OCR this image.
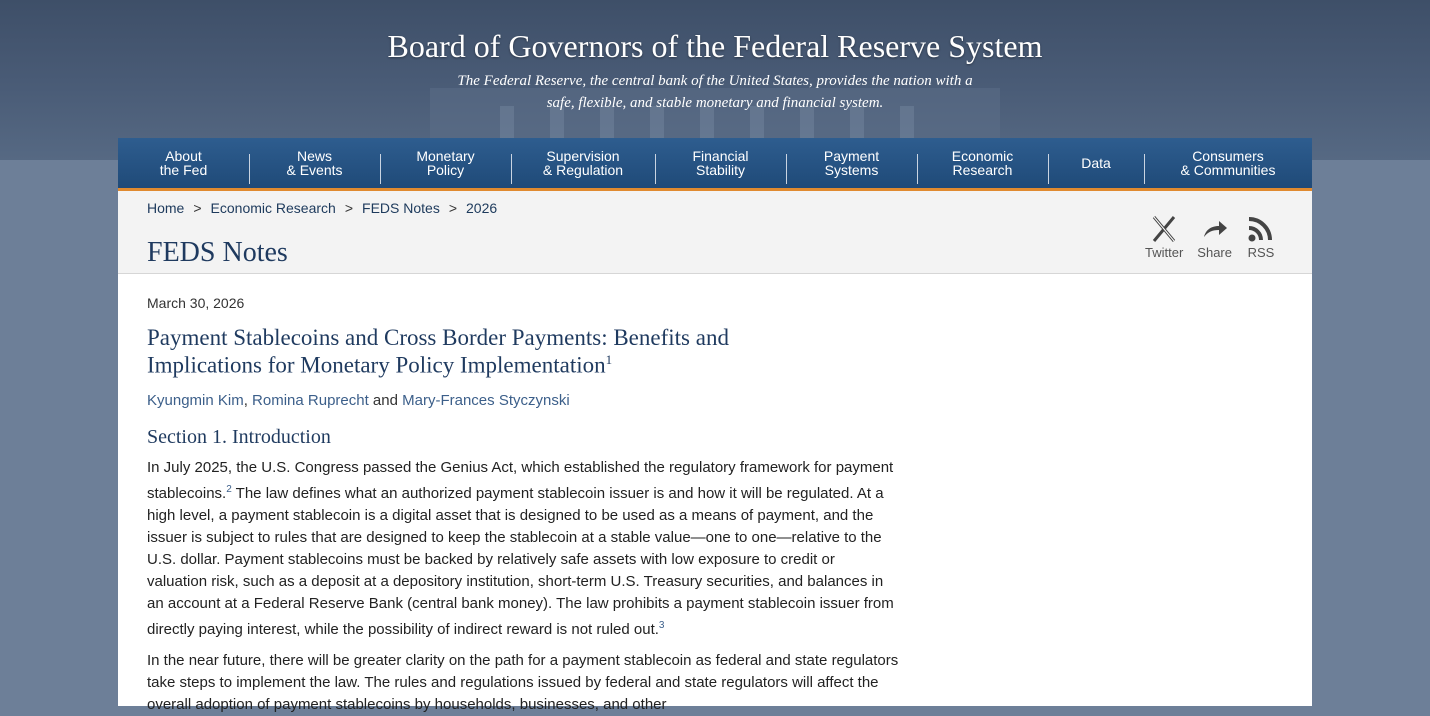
Board of Governors of the Federal Reserve System
The Federal Reserve, the central bank of the United States, provides the nation with a
safe, flexible, and stable monetary and financial system.
About
the Fed
News
& Events
Monetary
Policy
Supervision
& Regulation
Financial
Stability
Payment
Systems
Economic
Research	Data	Consumers
& Communities
Home > Economic Research > FEDS Notes > 2026
FEDS Notes	Twitter Share RSS
March 30, 2026
Payment Stablecoins and Cross Border Payments: Benefits and Implications for Monetary Policy Implementation$^1$
Kyungmin Kim, Romina Ruprecht and Mary-Frances Styczynski
Section 1. Introduction
In July 2025, the U.S. Congress passed the Genius Act, which established the regulatory framework for payment stablecoins.$^2$ The law defines what an authorized payment stablecoin issuer is and how it will be regulated. At a high level, a payment stablecoin is a digital asset that is designed to be used as a means of payment, and the issuer is subject to rules that are designed to keep the stablecoin at a stable value—one to one—relative to the U.S. dollar. Payment stablecoins must be backed by relatively safe assets with low exposure to credit or valuation risk, such as a deposit at a depository institution, short-term U.S. Treasury securities, and balances in an account at a Federal Reserve Bank (central bank money). The law prohibits a payment stablecoin issuer from directly paying interest, while the possibility of indirect reward is not ruled out.$^3$
In the near future, there will be greater clarity on the path for a payment stablecoin as federal and state regulators take steps to implement the law. The rules and regulations issued by federal and state regulators will affect the overall adoption of payment stablecoins by households, businesses, and other
